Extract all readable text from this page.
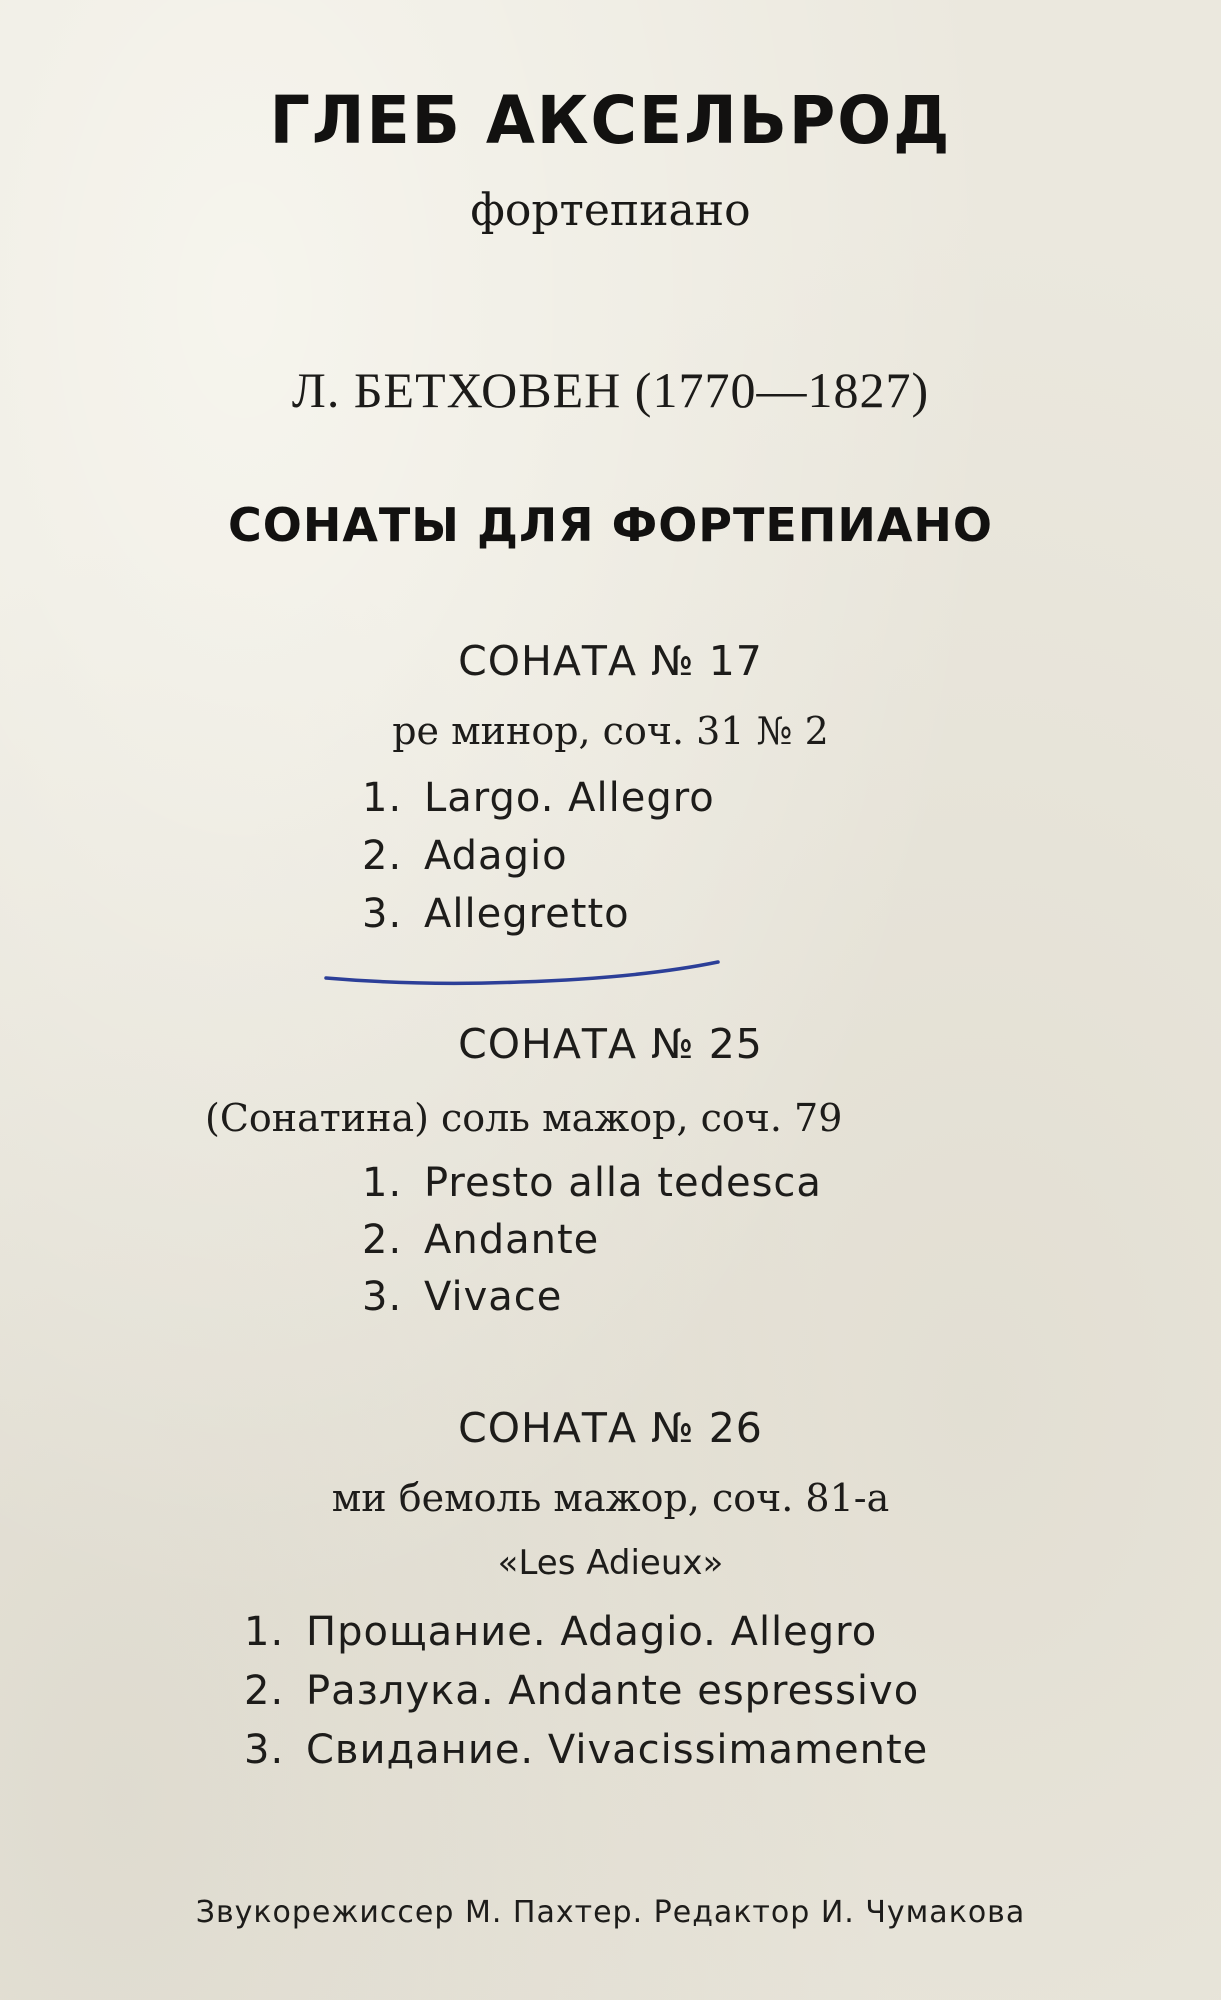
ГЛЕБ АКСЕЛЬРОД
фортепиано
Л. БЕТХОВЕН (1770—1827)
СОНАТЫ ДЛЯ ФОРТЕПИАНО
СОНАТА № 17
ре минор, соч. 31 № 2
1. Largo. Allegro
2. Adagio
3. Allegretto
СОНАТА № 25
(Сонатина) соль мажор, соч. 79
1. Presto alla tedesca
2. Andante
3. Vivace
СОНАТА № 26
ми бемоль мажор, соч. 81-а
«Les Adieux»
1. Прощание. Adagio. Allegro
2. Разлука. Andante espressivo
3. Свидание. Vivacissimamente
Звукорежиссер М. Пахтер. Редактор И. Чумакова
